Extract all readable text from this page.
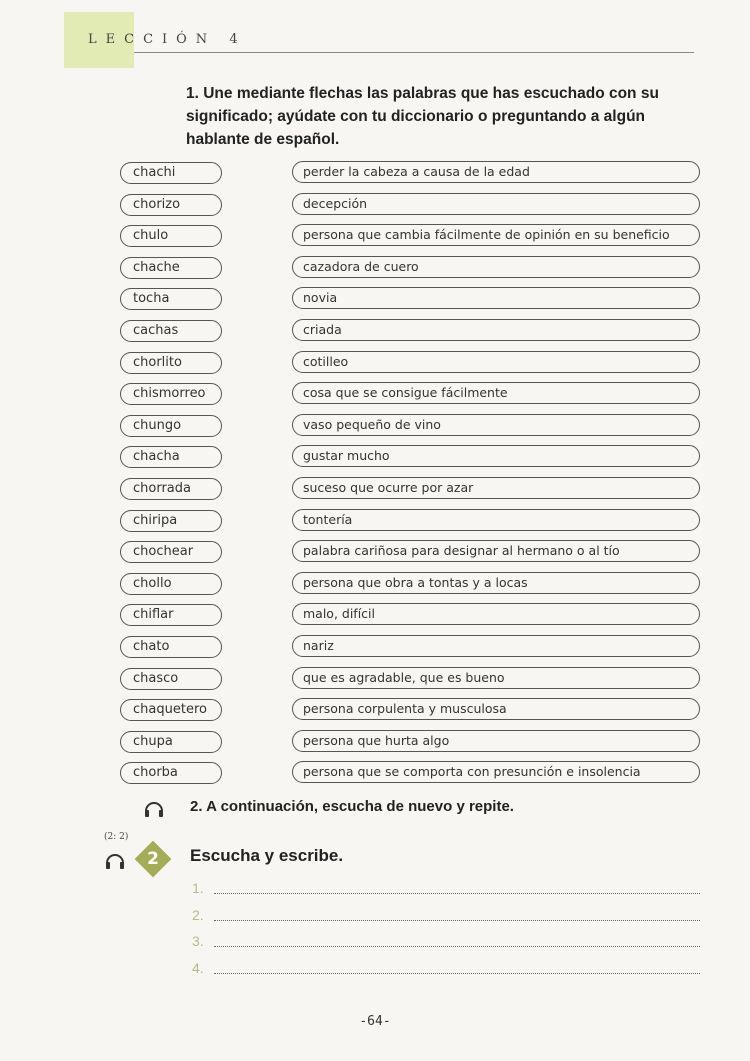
LECCIÓN 4
1. Une mediante flechas las palabras que has escuchado con su significado; ayúdate con tu diccionario o preguntando a algún hablante de español.
chachi	perder la cabeza a causa de la edad
chorizo	decepción
chulo	persona que cambia fácilmente de opinión en su beneficio
chache	cazadora de cuero
tocha	novia
cachas	criada
chorlito	cotilleo
chismorreo	cosa que se consigue fácilmente
chungo	vaso pequeño de vino
chacha	gustar mucho
chorrada	suceso que ocurre por azar
chiripa	tontería
chochear	palabra cariñosa para designar al hermano o al tío
chollo	persona que obra a tontas y a locas
chiflar	malo, difícil
chato	nariz
chasco	que es agradable, que es bueno
chaquetero	persona corpulenta y musculosa
chupa	persona que hurta algo
chorba	persona que se comporta con presunción e insolencia
2. A continuación, escucha de nuevo y repite.
(2: 2)
2	Escucha y escribe.
1.
2.
3.
4.
-64-
